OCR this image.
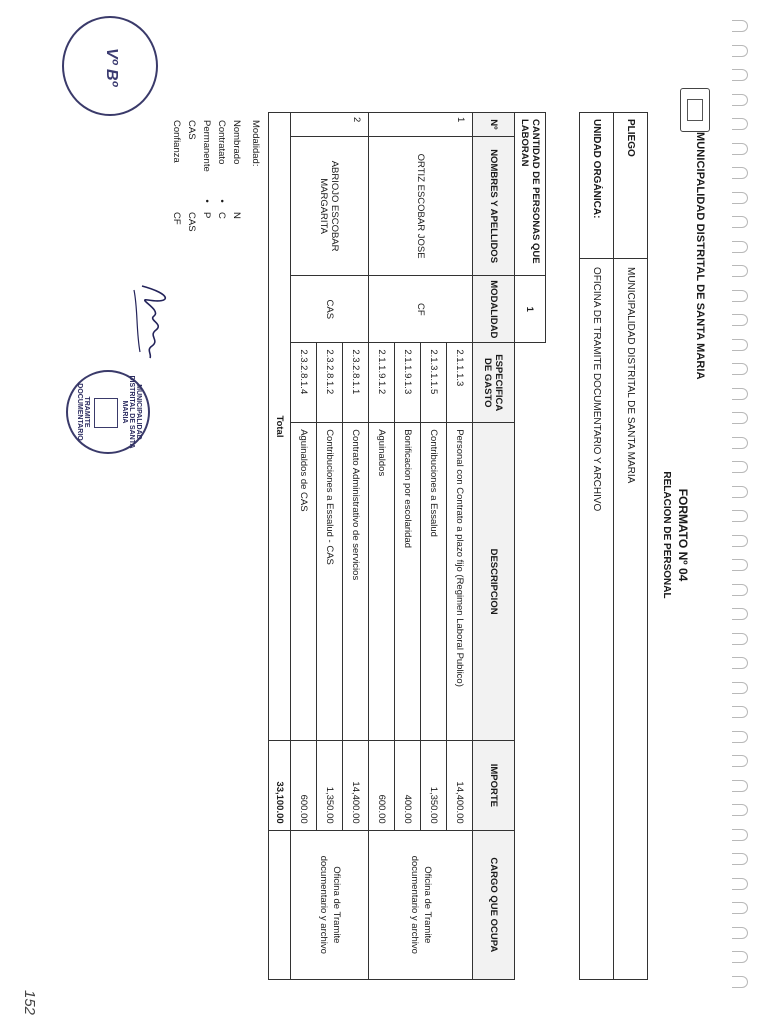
MUNICIPALIDAD DISTRITAL DE SANTA MARIA
FORMATO Nº 04
RELACION DE PERSONAL
PLIEGO	MUNICIPALIDAD DISTRITAL DE SANTA MARIA
UNIDAD ORGÁNICA:	OFICINA DE TRAMITE DOCUMENTARIO Y ARCHIVO
CANTIDAD DE PERSONAS QUE LABORAN		1				
Nº	NOMBRES Y APELLIDOS	MODALIDAD	ESPECIFICA DE GASTO	DESCRIPCION	IMPORTE	CARGO QUE OCUPA
1	ORTIZ ESCOBAR JOSE	CF	2.1.1.1.3	Personal con Contrato a plazo fijo (Regimen Laboral Publico)	14,400.00	Oficina de Tramite documentario y archivo
			2.1.3.1.1.5	Contribuciones a Essalud	1,350.00	
			2.1.1.9.1.3	Bonificacion por escolaridad	400.00	
			2.1.1.9.1.2	Aguinaldos	600.00	
2	ABRIOJO ESCOBAR MARGARITA	CAS	2.3.2.8.1.1	Contrato Administrativo de servicios	14,400.00	Oficina de Tramite documentario y archivo
			2.3.2.8.1.2	Contribuciones a Essalud - CAS	1,350.00	
			2.3.2.8.1.4	Aguinaldos de CAS	600.00	
Total					33,100.00	
Modalidad:
Nombrado
N
Contratato
•
C
Permanente
•
P
CAS
CAS
Confianza
CF
MUNICIPALIDAD DISTRITAL DE SANTA MARIA
TRAMITE DOCUMENTARIO
Vº Bº
152
